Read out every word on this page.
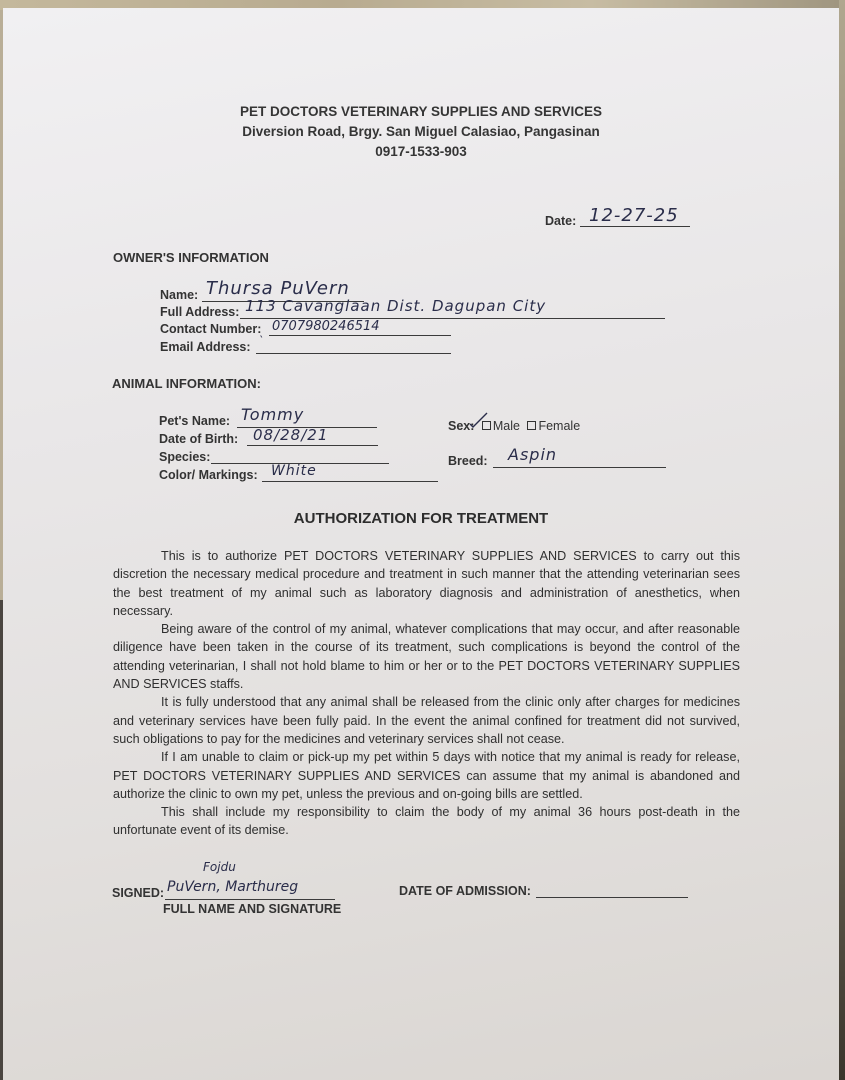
PET DOCTORS VETERINARY SUPPLIES AND SERVICES
Diversion Road, Brgy. San Miguel Calasiao, Pangasinan
0917-1533-903
Date: 12-27-25
OWNER'S INFORMATION
Name: Thursa PuVern
Full Address: 113 Cavanglaan Dist. Dagupan City
Contact Number: 0707980246514
Email Address: `
ANIMAL INFORMATION:
Pet's Name: Tommy
Date of Birth: 08/28/21
Species:
Color/ Markings: White
Sex: Male Female
Breed: Aspin
AUTHORIZATION FOR TREATMENT

This is to authorize PET DOCTORS VETERINARY SUPPLIES AND SERVICES to carry out this discretion the necessary medical procedure and treatment in such manner that the attending veterinarian sees the best treatment of my animal such as laboratory diagnosis and administration of anesthetics, when necessary.

Being aware of the control of my animal, whatever complications that may occur, and after reasonable diligence have been taken in the course of its treatment, such complications is beyond the control of the attending veterinarian, I shall not hold blame to him or her or to the PET DOCTORS VETERINARY SUPPLIES AND SERVICES staffs.

It is fully understood that any animal shall be released from the clinic only after charges for medicines and veterinary services have been fully paid. In the event the animal confined for treatment did not survived, such obligations to pay for the medicines and veterinary services shall not cease.

If I am unable to claim or pick-up my pet within 5 days with notice that my animal is ready for release, PET DOCTORS VETERINARY SUPPLIES AND SERVICES can assume that my animal is abandoned and authorize the clinic to own my pet, unless the previous and on-going bills are settled.

This shall include my responsibility to claim the body of my animal 36 hours post-death in the unfortunate event of its demise.

SIGNED: PuVern, Marthureg
Fojdu
FULL NAME AND SIGNATURE
DATE OF ADMISSION:
